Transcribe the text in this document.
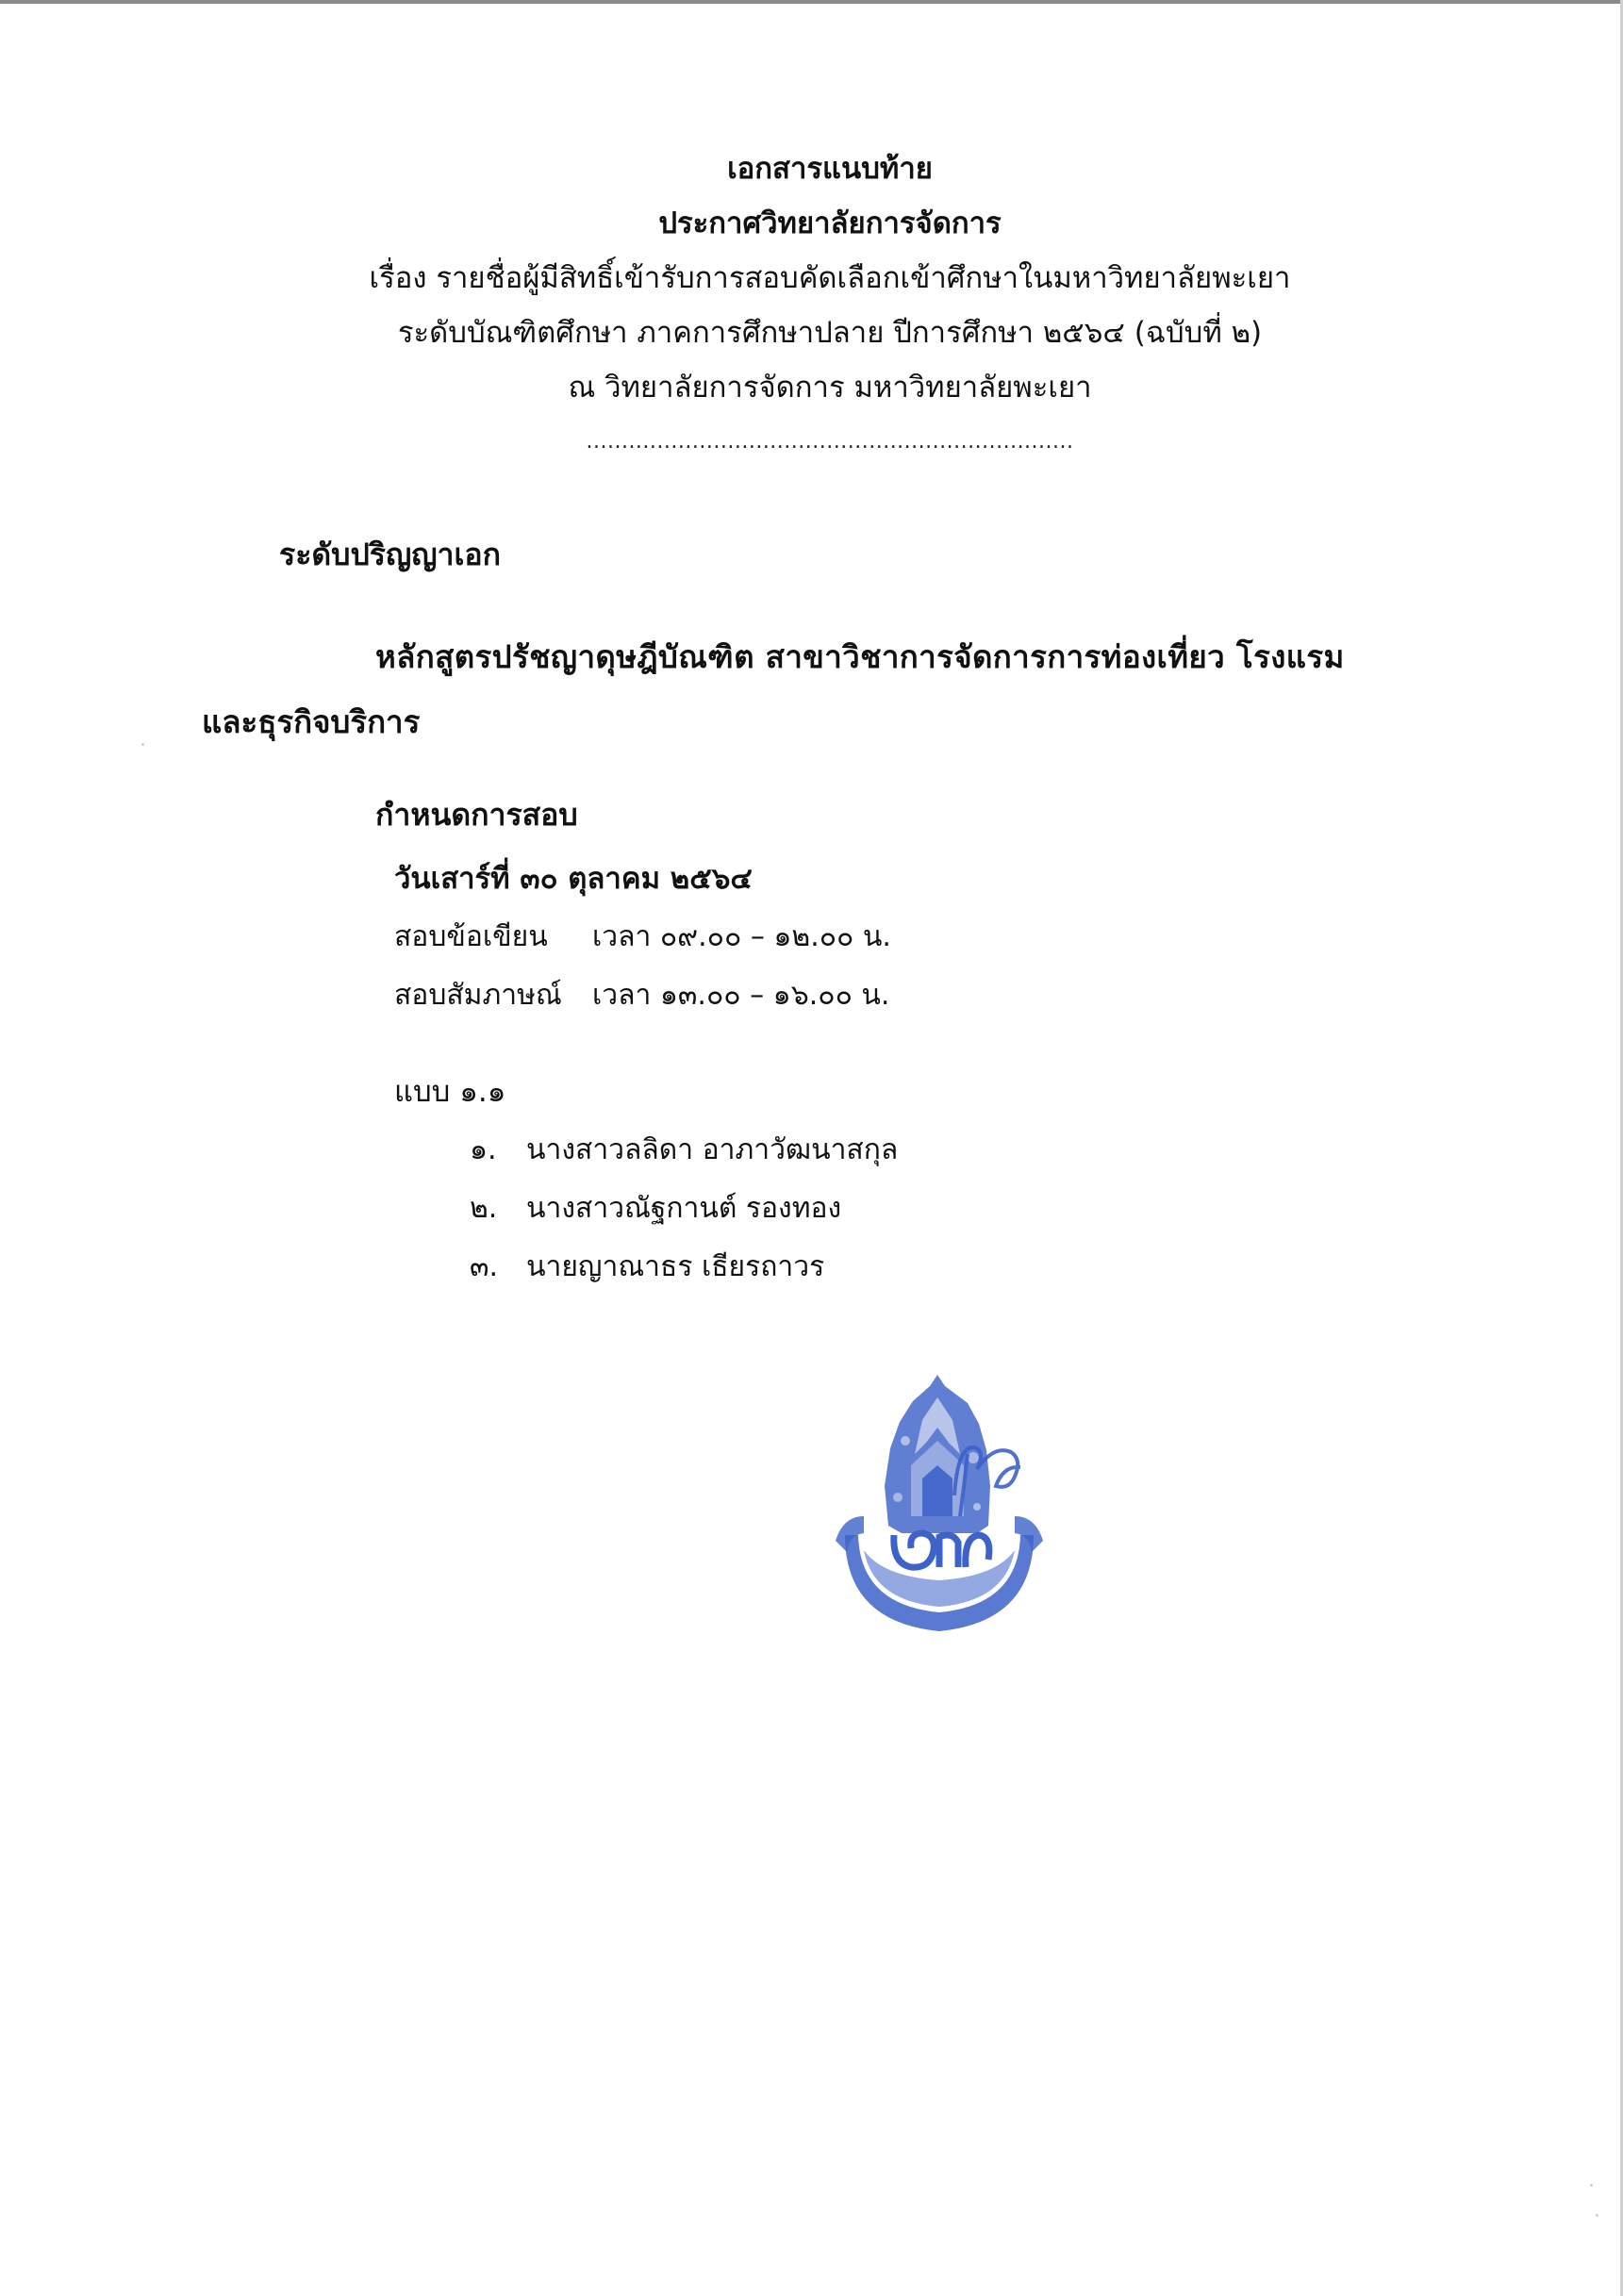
เอกสารแนบท้าย
ประกาศวิทยาลัยการจัดการ
เรื่อง รายชื่อผู้มีสิทธิ์เข้ารับการสอบคัดเลือกเข้าศึกษาในมหาวิทยาลัยพะเยา
ระดับบัณฑิตศึกษา ภาคการศึกษาปลาย ปีการศึกษา ๒๕๖๔ (ฉบับที่ ๒)
ณ วิทยาลัยการจัดการ มหาวิทยาลัยพะเยา
.....................................................................
ระดับปริญญาเอก
หลักสูตรปรัชญาดุษฎีบัณฑิต สาขาวิชาการจัดการการท่องเที่ยว โรงแรม
และธุรกิจบริการ
กำหนดการสอบ
วันเสาร์ที่ ๓๐ ตุลาคม ๒๕๖๔
สอบข้อเขียน เวลา ๐๙.๐๐ – ๑๒.๐๐ น.
สอบสัมภาษณ์ เวลา ๑๓.๐๐ – ๑๖.๐๐ น.
แบบ ๑.๑
๑. นางสาวลลิดา อาภาวัฒนาสกุล
๒. นางสาวณัฐกานต์ รองทอง
๓. นายญาณาธร เธียรถาวร
